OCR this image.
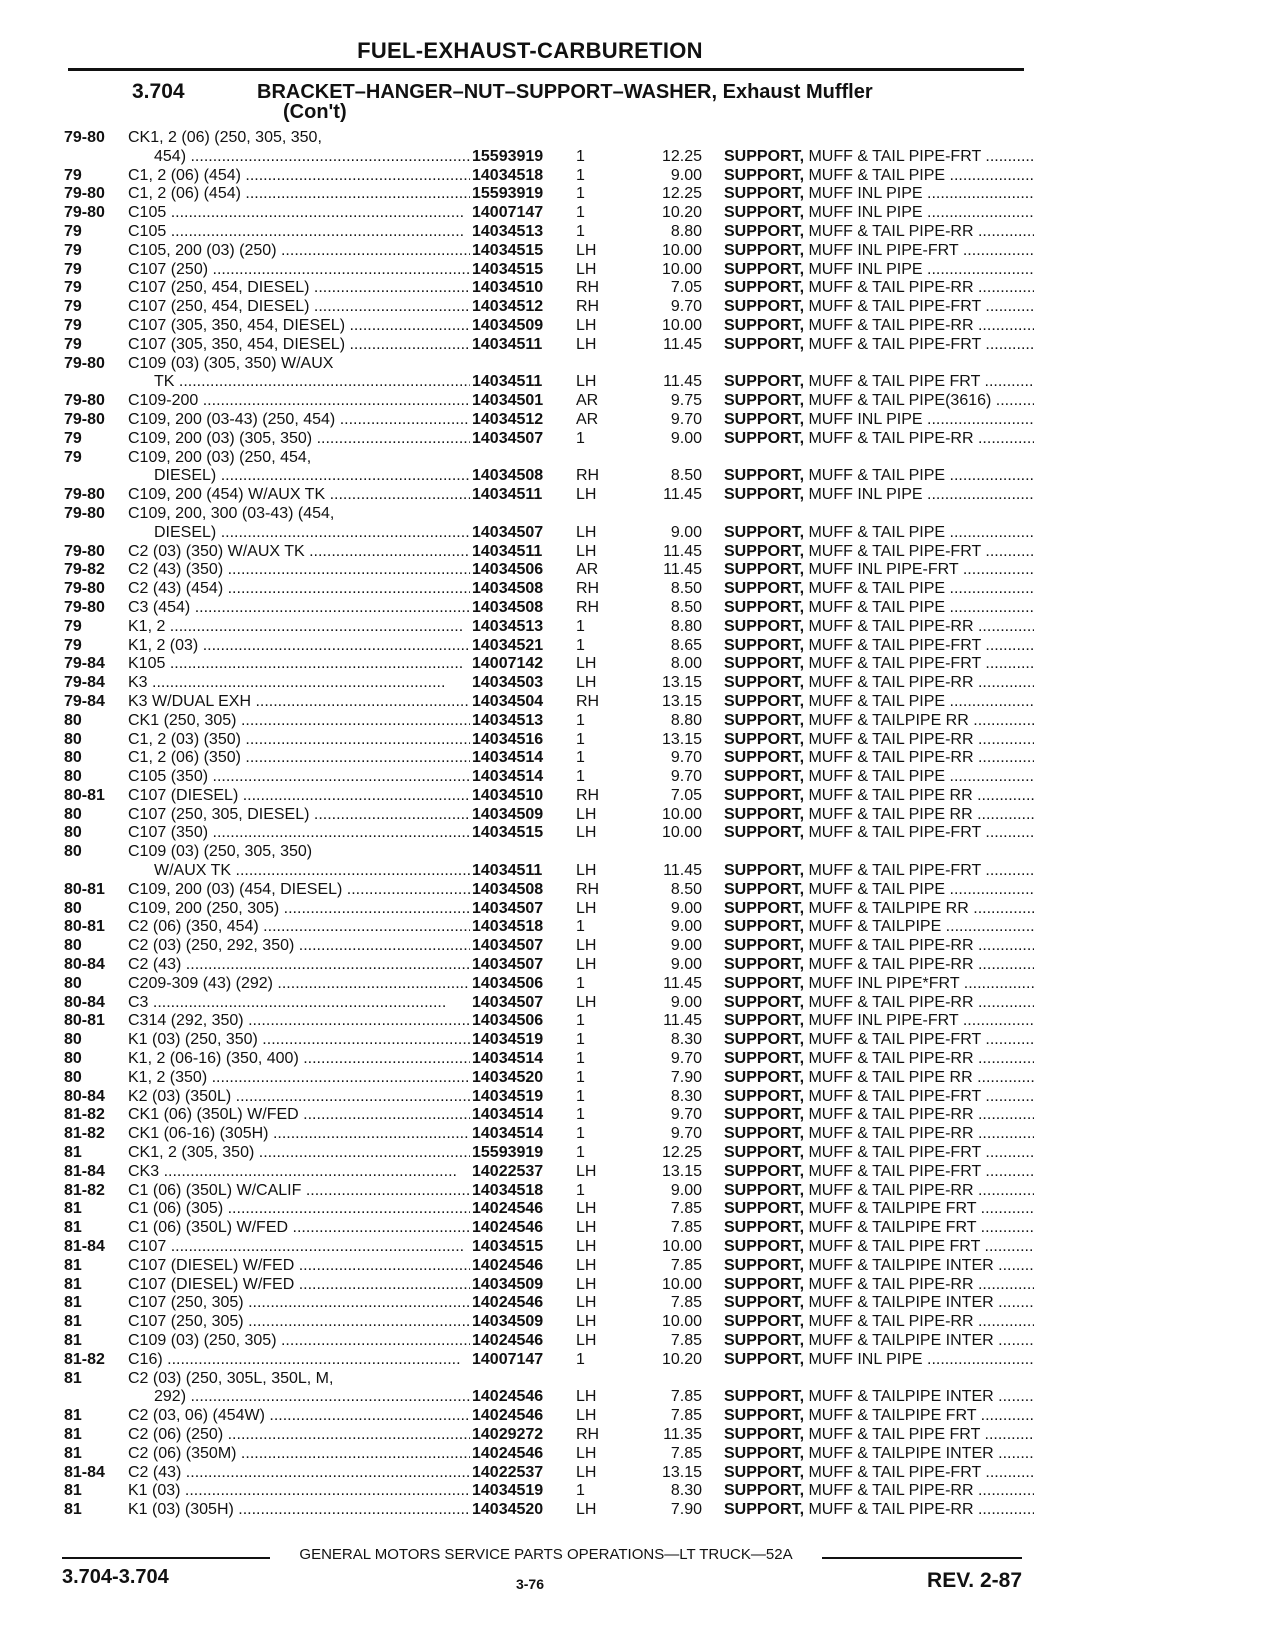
FUEL-EXHAUST-CARBURETION
3.704	BRACKET–HANGER–NUT–SUPPORT–WASHER, Exhaust Muffler
(Con't)
79-80	CK1, 2 (06) (250, 305, 350,
454) .....	15593919	1	12.25 SUPPORT, MUFF & TAIL PIPE-FRT .....
79	C1, 2 (06) (454) .....	14034518	1	9.00 SUPPORT, MUFF & TAIL PIPE .....
79-80	C1, 2 (06) (454) .....	15593919	1	12.25 SUPPORT, MUFF INL PIPE .....
79-80	C105 .....	14007147	1	10.20 SUPPORT, MUFF INL PIPE .....
79	C105 .....	14034513	1	8.80 SUPPORT, MUFF & TAIL PIPE-RR .....
79	C105, 200 (03) (250) .....	14034515	LH	10.00 SUPPORT, MUFF INL PIPE-FRT .....
79	C107 (250) .....	14034515	LH	10.00 SUPPORT, MUFF INL PIPE .....
79	C107 (250, 454, DIESEL) .....	14034510	RH	7.05 SUPPORT, MUFF & TAIL PIPE-RR .....
79	C107 (250, 454, DIESEL) .....	14034512	RH	9.70 SUPPORT, MUFF & TAIL PIPE-FRT .....
79	C107 (305, 350, 454, DIESEL) .....	14034509	LH	10.00 SUPPORT, MUFF & TAIL PIPE-RR .....
79	C107 (305, 350, 454, DIESEL) .....	14034511	LH	11.45 SUPPORT, MUFF & TAIL PIPE-FRT .....
79-80	C109 (03) (305, 350) W/AUX
TK .....	14034511	LH	11.45 SUPPORT, MUFF & TAIL PIPE FRT .....
79-80	C109-200 .....	14034501	AR	9.75 SUPPORT, MUFF & TAIL PIPE(3616) .....
79-80	C109, 200 (03-43) (250, 454) .....	14034512	AR	9.70 SUPPORT, MUFF INL PIPE .....
79	C109, 200 (03) (305, 350) .....	14034507	1	9.00 SUPPORT, MUFF & TAIL PIPE-RR .....
79	C109, 200 (03) (250, 454,
DIESEL) .....	14034508	RH	8.50 SUPPORT, MUFF & TAIL PIPE .....
79-80	C109, 200 (454) W/AUX TK .....	14034511	LH	11.45 SUPPORT, MUFF INL PIPE .....
79-80	C109, 200, 300 (03-43) (454,
DIESEL) .....	14034507	LH	9.00 SUPPORT, MUFF & TAIL PIPE .....
79-80	C2 (03) (350) W/AUX TK .....	14034511	LH	11.45 SUPPORT, MUFF & TAIL PIPE-FRT .....
79-82	C2 (43) (350) .....	14034506	AR	11.45 SUPPORT, MUFF INL PIPE-FRT .....
79-80	C2 (43) (454) .....	14034508	RH	8.50 SUPPORT, MUFF & TAIL PIPE .....
79-80	C3 (454) .....	14034508	RH	8.50 SUPPORT, MUFF & TAIL PIPE .....
79	K1, 2 .....	14034513	1	8.80 SUPPORT, MUFF & TAIL PIPE-RR .....
79	K1, 2 (03) .....	14034521	1	8.65 SUPPORT, MUFF & TAIL PIPE-FRT .....
79-84	K105 .....	14007142	LH	8.00 SUPPORT, MUFF & TAIL PIPE-FRT .....
79-84	K3 .....	14034503	LH	13.15 SUPPORT, MUFF & TAIL PIPE-RR .....
79-84	K3 W/DUAL EXH .....	14034504	RH	13.15 SUPPORT, MUFF & TAIL PIPE .....
80	CK1 (250, 305) .....	14034513	1	8.80 SUPPORT, MUFF & TAILPIPE RR .....
80	C1, 2 (03) (350) .....	14034516	1	13.15 SUPPORT, MUFF & TAIL PIPE-RR .....
80	C1, 2 (06) (350) .....	14034514	1	9.70 SUPPORT, MUFF & TAIL PIPE-RR .....
80	C105 (350) .....	14034514	1	9.70 SUPPORT, MUFF & TAIL PIPE .....
80-81	C107 (DIESEL) .....	14034510	RH	7.05 SUPPORT, MUFF & TAIL PIPE RR .....
80	C107 (250, 305, DIESEL) .....	14034509	LH	10.00 SUPPORT, MUFF & TAIL PIPE RR .....
80	C107 (350) .....	14034515	LH	10.00 SUPPORT, MUFF & TAIL PIPE-FRT .....
80	C109 (03) (250, 305, 350)
W/AUX TK .....	14034511	LH	11.45 SUPPORT, MUFF & TAIL PIPE-FRT .....
80-81	C109, 200 (03) (454, DIESEL) .....	14034508	RH	8.50 SUPPORT, MUFF & TAIL PIPE .....
80	C109, 200 (250, 305) .....	14034507	LH	9.00 SUPPORT, MUFF & TAILPIPE RR .....
80-81	C2 (06) (350, 454) .....	14034518	1	9.00 SUPPORT, MUFF & TAILPIPE .....
80	C2 (03) (250, 292, 350) .....	14034507	LH	9.00 SUPPORT, MUFF & TAIL PIPE-RR .....
80-84	C2 (43) .....	14034507	LH	9.00 SUPPORT, MUFF & TAIL PIPE-RR .....
80	C209-309 (43) (292) .....	14034506	1	11.45 SUPPORT, MUFF INL PIPE*FRT .....
80-84	C3 .....	14034507	LH	9.00 SUPPORT, MUFF & TAIL PIPE-RR .....
80-81	C314 (292, 350) .....	14034506	1	11.45 SUPPORT, MUFF INL PIPE-FRT .....
80	K1 (03) (250, 350) .....	14034519	1	8.30 SUPPORT, MUFF & TAIL PIPE-FRT .....
80	K1, 2 (06-16) (350, 400) .....	14034514	1	9.70 SUPPORT, MUFF & TAIL PIPE-RR .....
80	K1, 2 (350) .....	14034520	1	7.90 SUPPORT, MUFF & TAIL PIPE RR .....
80-84	K2 (03) (350L) .....	14034519	1	8.30 SUPPORT, MUFF & TAIL PIPE-FRT .....
81-82	CK1 (06) (350L) W/FED .....	14034514	1	9.70 SUPPORT, MUFF & TAIL PIPE-RR .....
81-82	CK1 (06-16) (305H) .....	14034514	1	9.70 SUPPORT, MUFF & TAIL PIPE-RR .....
81	CK1, 2 (305, 350) .....	15593919	1	12.25 SUPPORT, MUFF & TAIL PIPE-FRT .....
81-84	CK3 .....	14022537	LH	13.15 SUPPORT, MUFF & TAIL PIPE-FRT .....
81-82	C1 (06) (350L) W/CALIF .....	14034518	1	9.00 SUPPORT, MUFF & TAIL PIPE-RR .....
81	C1 (06) (305) .....	14024546	LH	7.85 SUPPORT, MUFF & TAILPIPE FRT .....
81	C1 (06) (350L) W/FED .....	14024546	LH	7.85 SUPPORT, MUFF & TAILPIPE FRT .....
81-84	C107 .....	14034515	LH	10.00 SUPPORT, MUFF & TAIL PIPE FRT .....
81	C107 (DIESEL) W/FED .....	14024546	LH	7.85 SUPPORT, MUFF & TAILPIPE INTER .....
81	C107 (DIESEL) W/FED .....	14034509	LH	10.00 SUPPORT, MUFF & TAIL PIPE-RR .....
81	C107 (250, 305) .....	14024546	LH	7.85 SUPPORT, MUFF & TAILPIPE INTER .....
81	C107 (250, 305) .....	14034509	LH	10.00 SUPPORT, MUFF & TAIL PIPE-RR .....
81	C109 (03) (250, 305) .....	14024546	LH	7.85 SUPPORT, MUFF & TAILPIPE INTER .....
81-82	C16) .....	14007147	1	10.20 SUPPORT, MUFF INL PIPE .....
81	C2 (03) (250, 305L, 350L, M,
292) .....	14024546	LH	7.85 SUPPORT, MUFF & TAILPIPE INTER .....
81	C2 (03, 06) (454W) .....	14024546	LH	7.85 SUPPORT, MUFF & TAILPIPE FRT .....
81	C2 (06) (250) .....	14029272	RH	11.35 SUPPORT, MUFF & TAIL PIPE FRT .....
81	C2 (06) (350M) .....	14024546	LH	7.85 SUPPORT, MUFF & TAILPIPE INTER .....
81-84	C2 (43) .....	14022537	LH	13.15 SUPPORT, MUFF & TAIL PIPE-FRT .....
81	K1 (03) .....	14034519	1	8.30 SUPPORT, MUFF & TAIL PIPE-RR .....
81	K1 (03) (305H) .....	14034520	LH	7.90 SUPPORT, MUFF & TAIL PIPE-RR .....
GENERAL MOTORS SERVICE PARTS OPERATIONS—LT TRUCK—52A
3.704-3.704	3-76	REV. 2-87
